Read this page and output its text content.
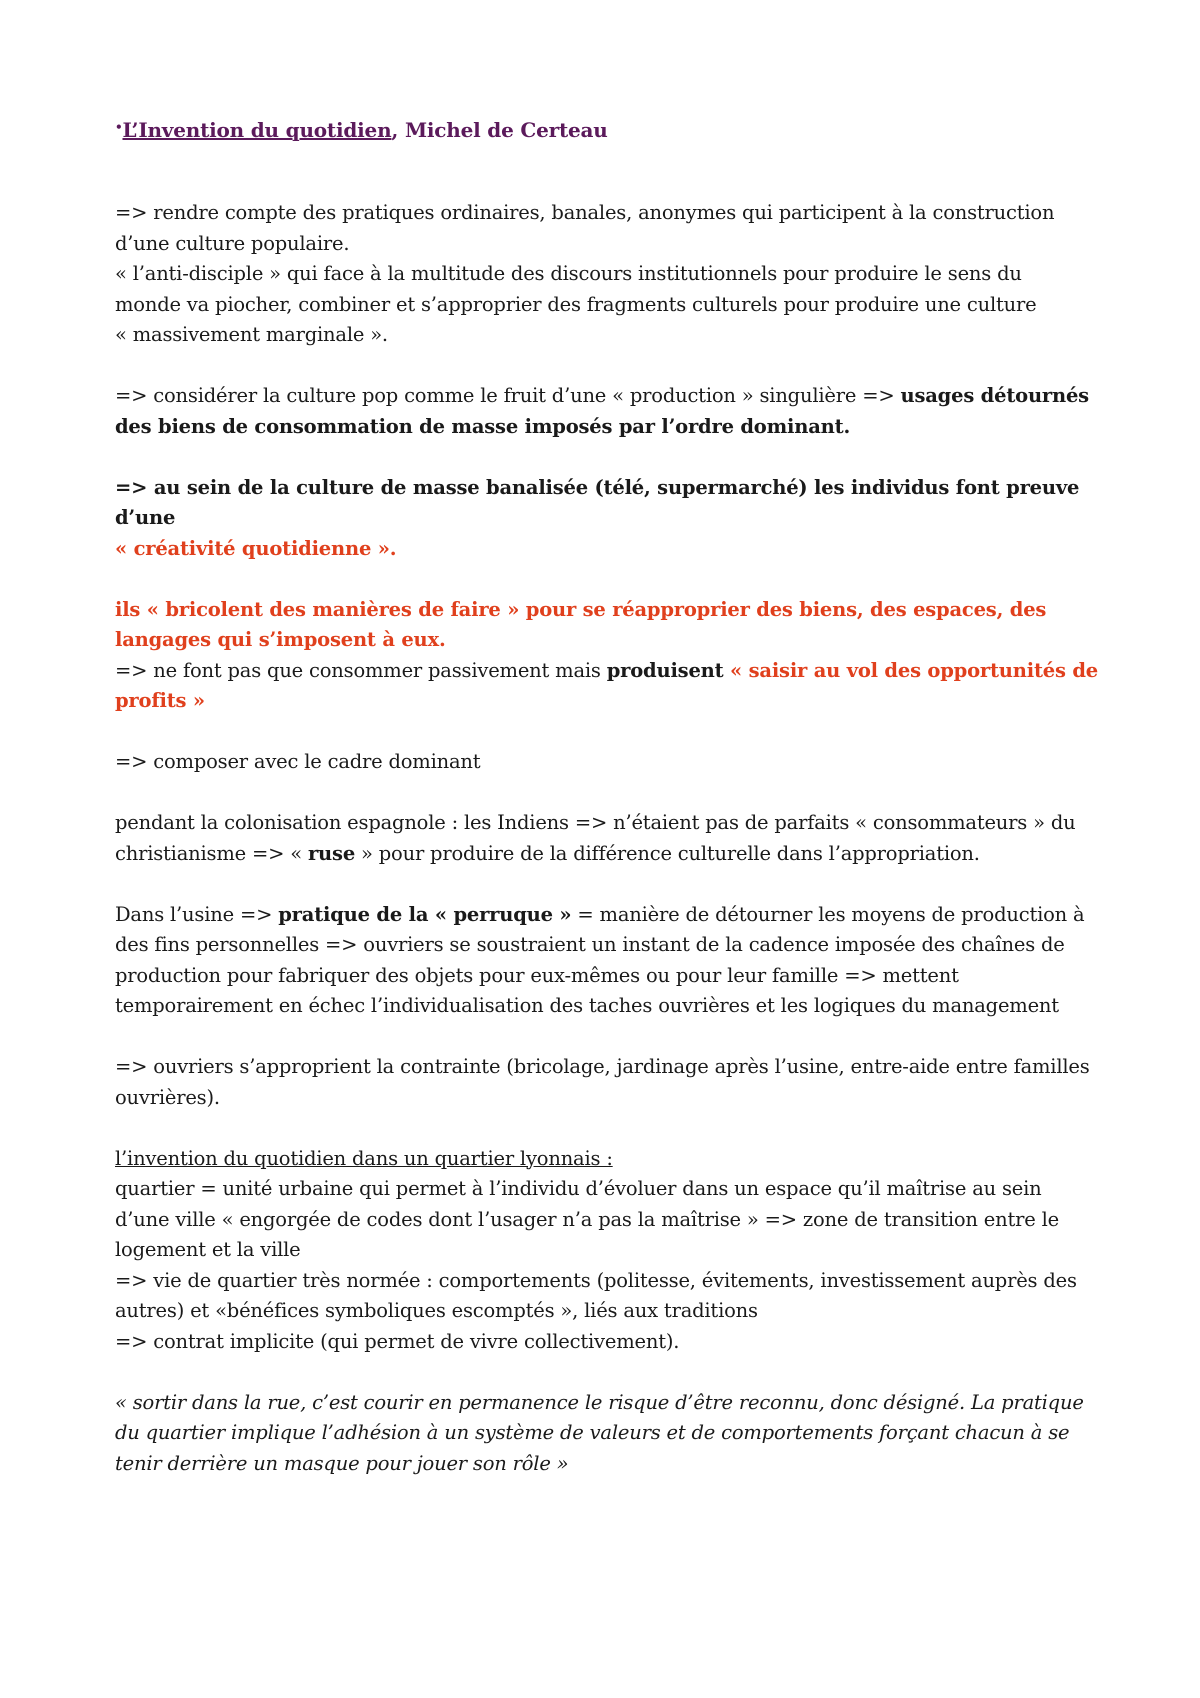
•L’Invention du quotidien, Michel de Certeau

=> rendre compte des pratiques ordinaires, banales, anonymes qui participent à la construction

d’une culture populaire.

« l’anti-disciple » qui face à la multitude des discours institutionnels pour produire le sens du

monde va piocher, combiner et s’approprier des fragments culturels pour produire une culture

« massivement marginale ».

=> considérer la culture pop comme le fruit d’une « production » singulière => usages détournés

des biens de consommation de masse imposés par l’ordre dominant.

=> au sein de la culture de masse banalisée (télé, supermarché) les individus font preuve d’une

« créativité quotidienne ».

ils « bricolent des manières de faire » pour se réapproprier des biens, des espaces, des

langages qui s’imposent à eux.

=> ne font pas que consommer passivement mais produisent « saisir au vol des opportunités de

profits »

=> composer avec le cadre dominant

pendant la colonisation espagnole : les Indiens => n’étaient pas de parfaits « consommateurs » du

christianisme => « ruse » pour produire de la différence culturelle dans l’appropriation.

Dans l’usine => pratique de la « perruque » = manière de détourner les moyens de production à

des fins personnelles => ouvriers se soustraient un instant de la cadence imposée des chaînes de

production pour fabriquer des objets pour eux-mêmes ou pour leur famille => mettent

temporairement en échec l’individualisation des taches ouvrières et les logiques du management

=> ouvriers s’approprient la contrainte (bricolage, jardinage après l’usine, entre-aide entre familles

ouvrières).

l’invention du quotidien dans un quartier lyonnais :

quartier = unité urbaine qui permet à l’individu d’évoluer dans un espace qu’il maîtrise au sein

d’une ville « engorgée de codes dont l’usager n’a pas la maîtrise » => zone de transition entre le

logement et la ville

=> vie de quartier très normée : comportements (politesse, évitements, investissement auprès des

autres) et «bénéfices symboliques escomptés », liés aux traditions

=> contrat implicite (qui permet de vivre collectivement).

« sortir dans la rue, c’est courir en permanence le risque d’être reconnu, donc désigné. La pratique

du quartier implique l’adhésion à un système de valeurs et de comportements forçant chacun à se

tenir derrière un masque pour jouer son rôle »
